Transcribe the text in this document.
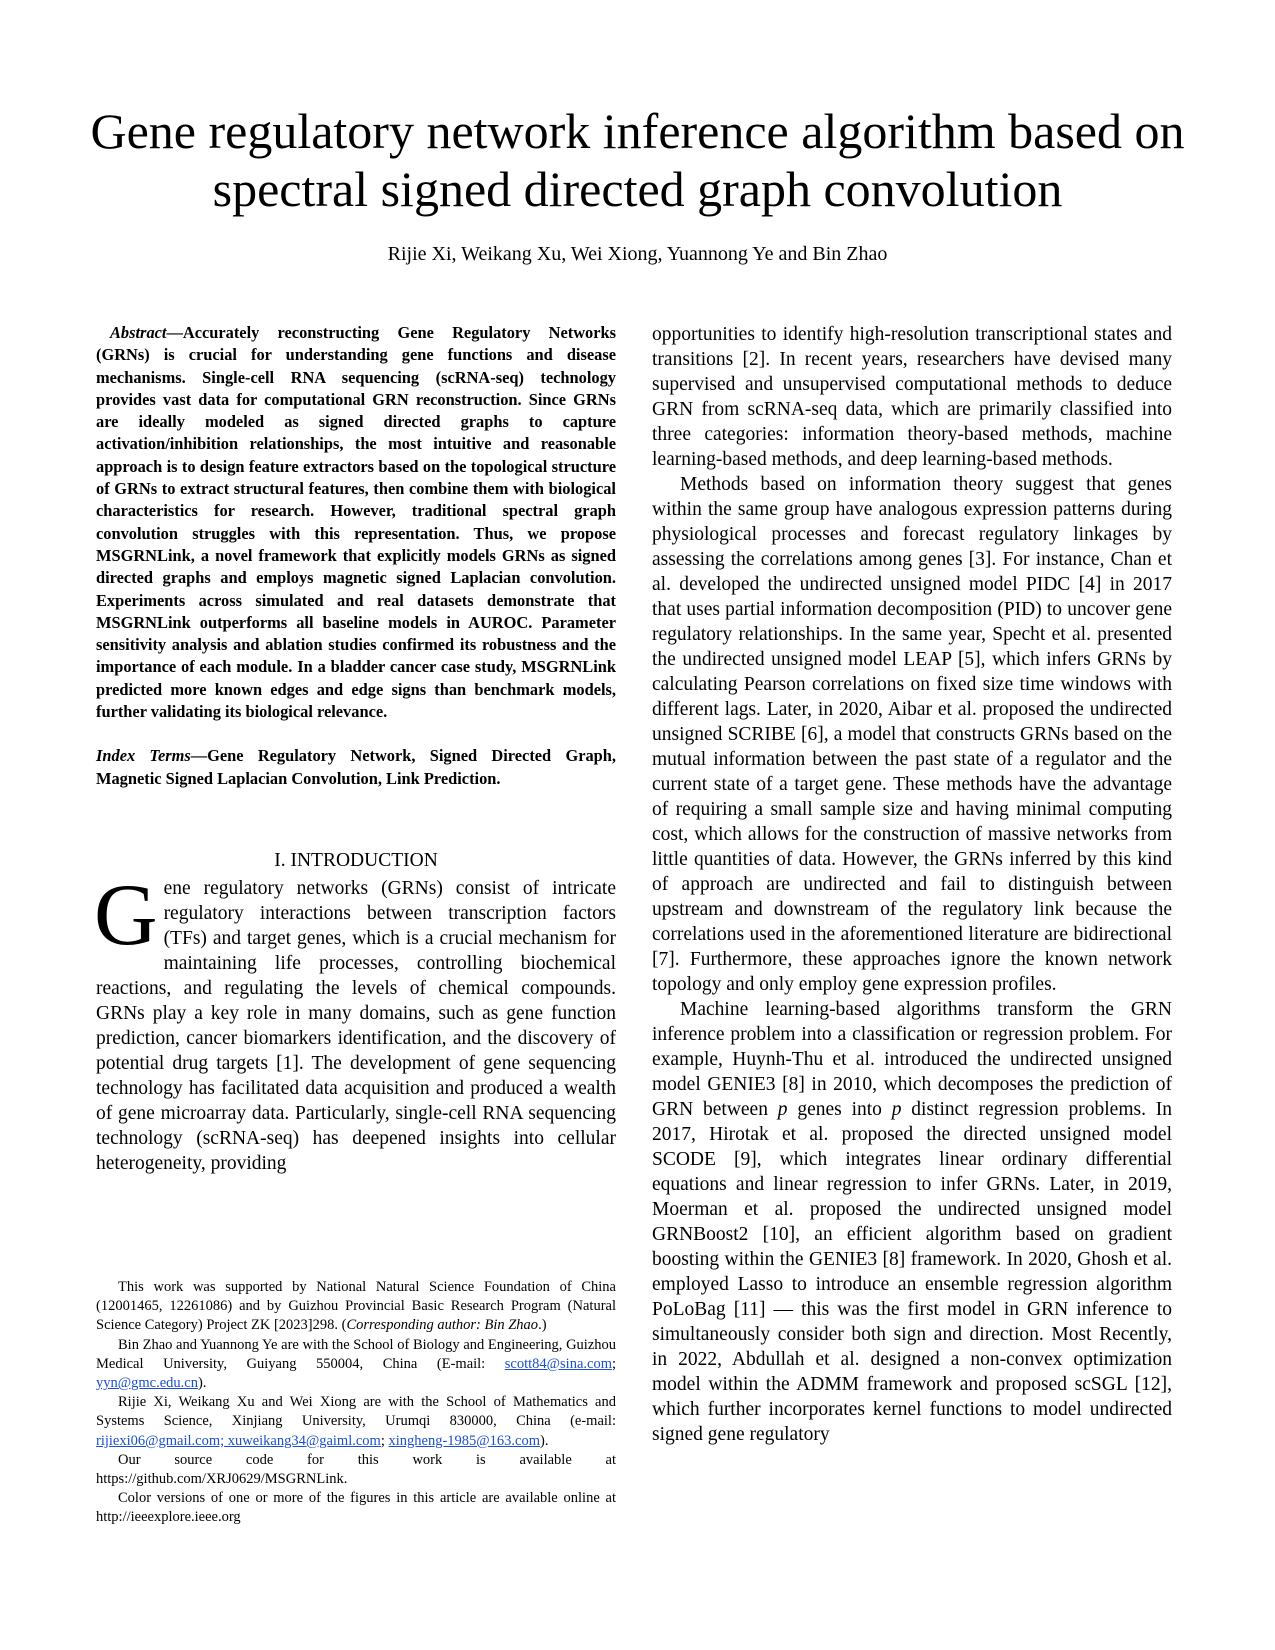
Gene regulatory network inference algorithm based on spectral signed directed graph convolution
Rijie Xi, Weikang Xu, Wei Xiong, Yuannong Ye and Bin Zhao

Abstract—Accurately reconstructing Gene Regulatory Networks (GRNs) is crucial for understanding gene functions and disease mechanisms. Single-cell RNA sequencing (scRNA-seq) technology provides vast data for computational GRN reconstruction. Since GRNs are ideally modeled as signed directed graphs to capture activation/inhibition relationships, the most intuitive and reasonable approach is to design feature extractors based on the topological structure of GRNs to extract structural features, then combine them with biological characteristics for research. However, traditional spectral graph convolution struggles with this representation. Thus, we propose MSGRNLink, a novel framework that explicitly models GRNs as signed directed graphs and employs magnetic signed Laplacian convolution. Experiments across simulated and real datasets demonstrate that MSGRNLink outperforms all baseline models in AUROC. Parameter sensitivity analysis and ablation studies confirmed its robustness and the importance of each module. In a bladder cancer case study, MSGRNLink predicted more known edges and edge signs than benchmark models, further validating its biological relevance.

Index Terms—Gene Regulatory Network, Signed Directed Graph, Magnetic Signed Laplacian Convolution, Link Prediction.

I. INTRODUCTION

Gene regulatory networks (GRNs) consist of intricate regulatory interactions between transcription factors (TFs) and target genes, which is a crucial mechanism for maintaining life processes, controlling biochemical reactions, and regulating the levels of chemical compounds. GRNs play a key role in many domains, such as gene function prediction, cancer biomarkers identification, and the discovery of potential drug targets [1]. The development of gene sequencing technology has facilitated data acquisition and produced a wealth of gene microarray data. Particularly, single-cell RNA sequencing technology (scRNA-seq) has deepened insights into cellular heterogeneity, providing

opportunities to identify high-resolution transcriptional states and transitions [2]. In recent years, researchers have devised many supervised and unsupervised computational methods to deduce GRN from scRNA-seq data, which are primarily classified into three categories: information theory-based methods, machine learning-based methods, and deep learning-based methods.

Methods based on information theory suggest that genes within the same group have analogous expression patterns during physiological processes and forecast regulatory linkages by assessing the correlations among genes [3]. For instance, Chan et al. developed the undirected unsigned model PIDC [4] in 2017 that uses partial information decomposition (PID) to uncover gene regulatory relationships. In the same year, Specht et al. presented the undirected unsigned model LEAP [5], which infers GRNs by calculating Pearson correlations on fixed size time windows with different lags. Later, in 2020, Aibar et al. proposed the undirected unsigned SCRIBE [6], a model that constructs GRNs based on the mutual information between the past state of a regulator and the current state of a target gene. These methods have the advantage of requiring a small sample size and having minimal computing cost, which allows for the construction of massive networks from little quantities of data. However, the GRNs inferred by this kind of approach are undirected and fail to distinguish between upstream and downstream of the regulatory link because the correlations used in the aforementioned literature are bidirectional [7]. Furthermore, these approaches ignore the known network topology and only employ gene expression profiles.

Machine learning-based algorithms transform the GRN inference problem into a classification or regression problem. For example, Huynh-Thu et al. introduced the undirected unsigned model GENIE3 [8] in 2010, which decomposes the prediction of GRN between p genes into p distinct regression problems. In 2017, Hirotak et al. proposed the directed unsigned model SCODE [9], which integrates linear ordinary differential equations and linear regression to infer GRNs. Later, in 2019, Moerman et al. proposed the undirected unsigned model GRNBoost2 [10], an efficient algorithm based on gradient boosting within the GENIE3 [8] framework. In 2020, Ghosh et al. employed Lasso to introduce an ensemble regression algorithm PoLoBag [11] — this was the first model in GRN inference to simultaneously consider both sign and direction. Most Recently, in 2022, Abdullah et al. designed a non-convex optimization model within the ADMM framework and proposed scSGL [12], which further incorporates kernel functions to model undirected signed gene regulatory

This work was supported by National Natural Science Foundation of China (12001465, 12261086) and by Guizhou Provincial Basic Research Program (Natural Science Category) Project ZK [2023]298. (Corresponding author: Bin Zhao.)

Bin Zhao and Yuannong Ye are with the School of Biology and Engineering, Guizhou Medical University, Guiyang 550004, China (E-mail: scott84@sina.com; yyn@gmc.edu.cn).

Rijie Xi, Weikang Xu and Wei Xiong are with the School of Mathematics and Systems Science, Xinjiang University, Urumqi 830000, China (e-mail: rijiexi06@gmail.com; xuweikang34@gaiml.com; xingheng-1985@163.com).

Our source code for this work is available at https://github.com/XRJ0629/MSGRNLink.

Color versions of one or more of the figures in this article are available online at http://ieeexplore.ieee.org
